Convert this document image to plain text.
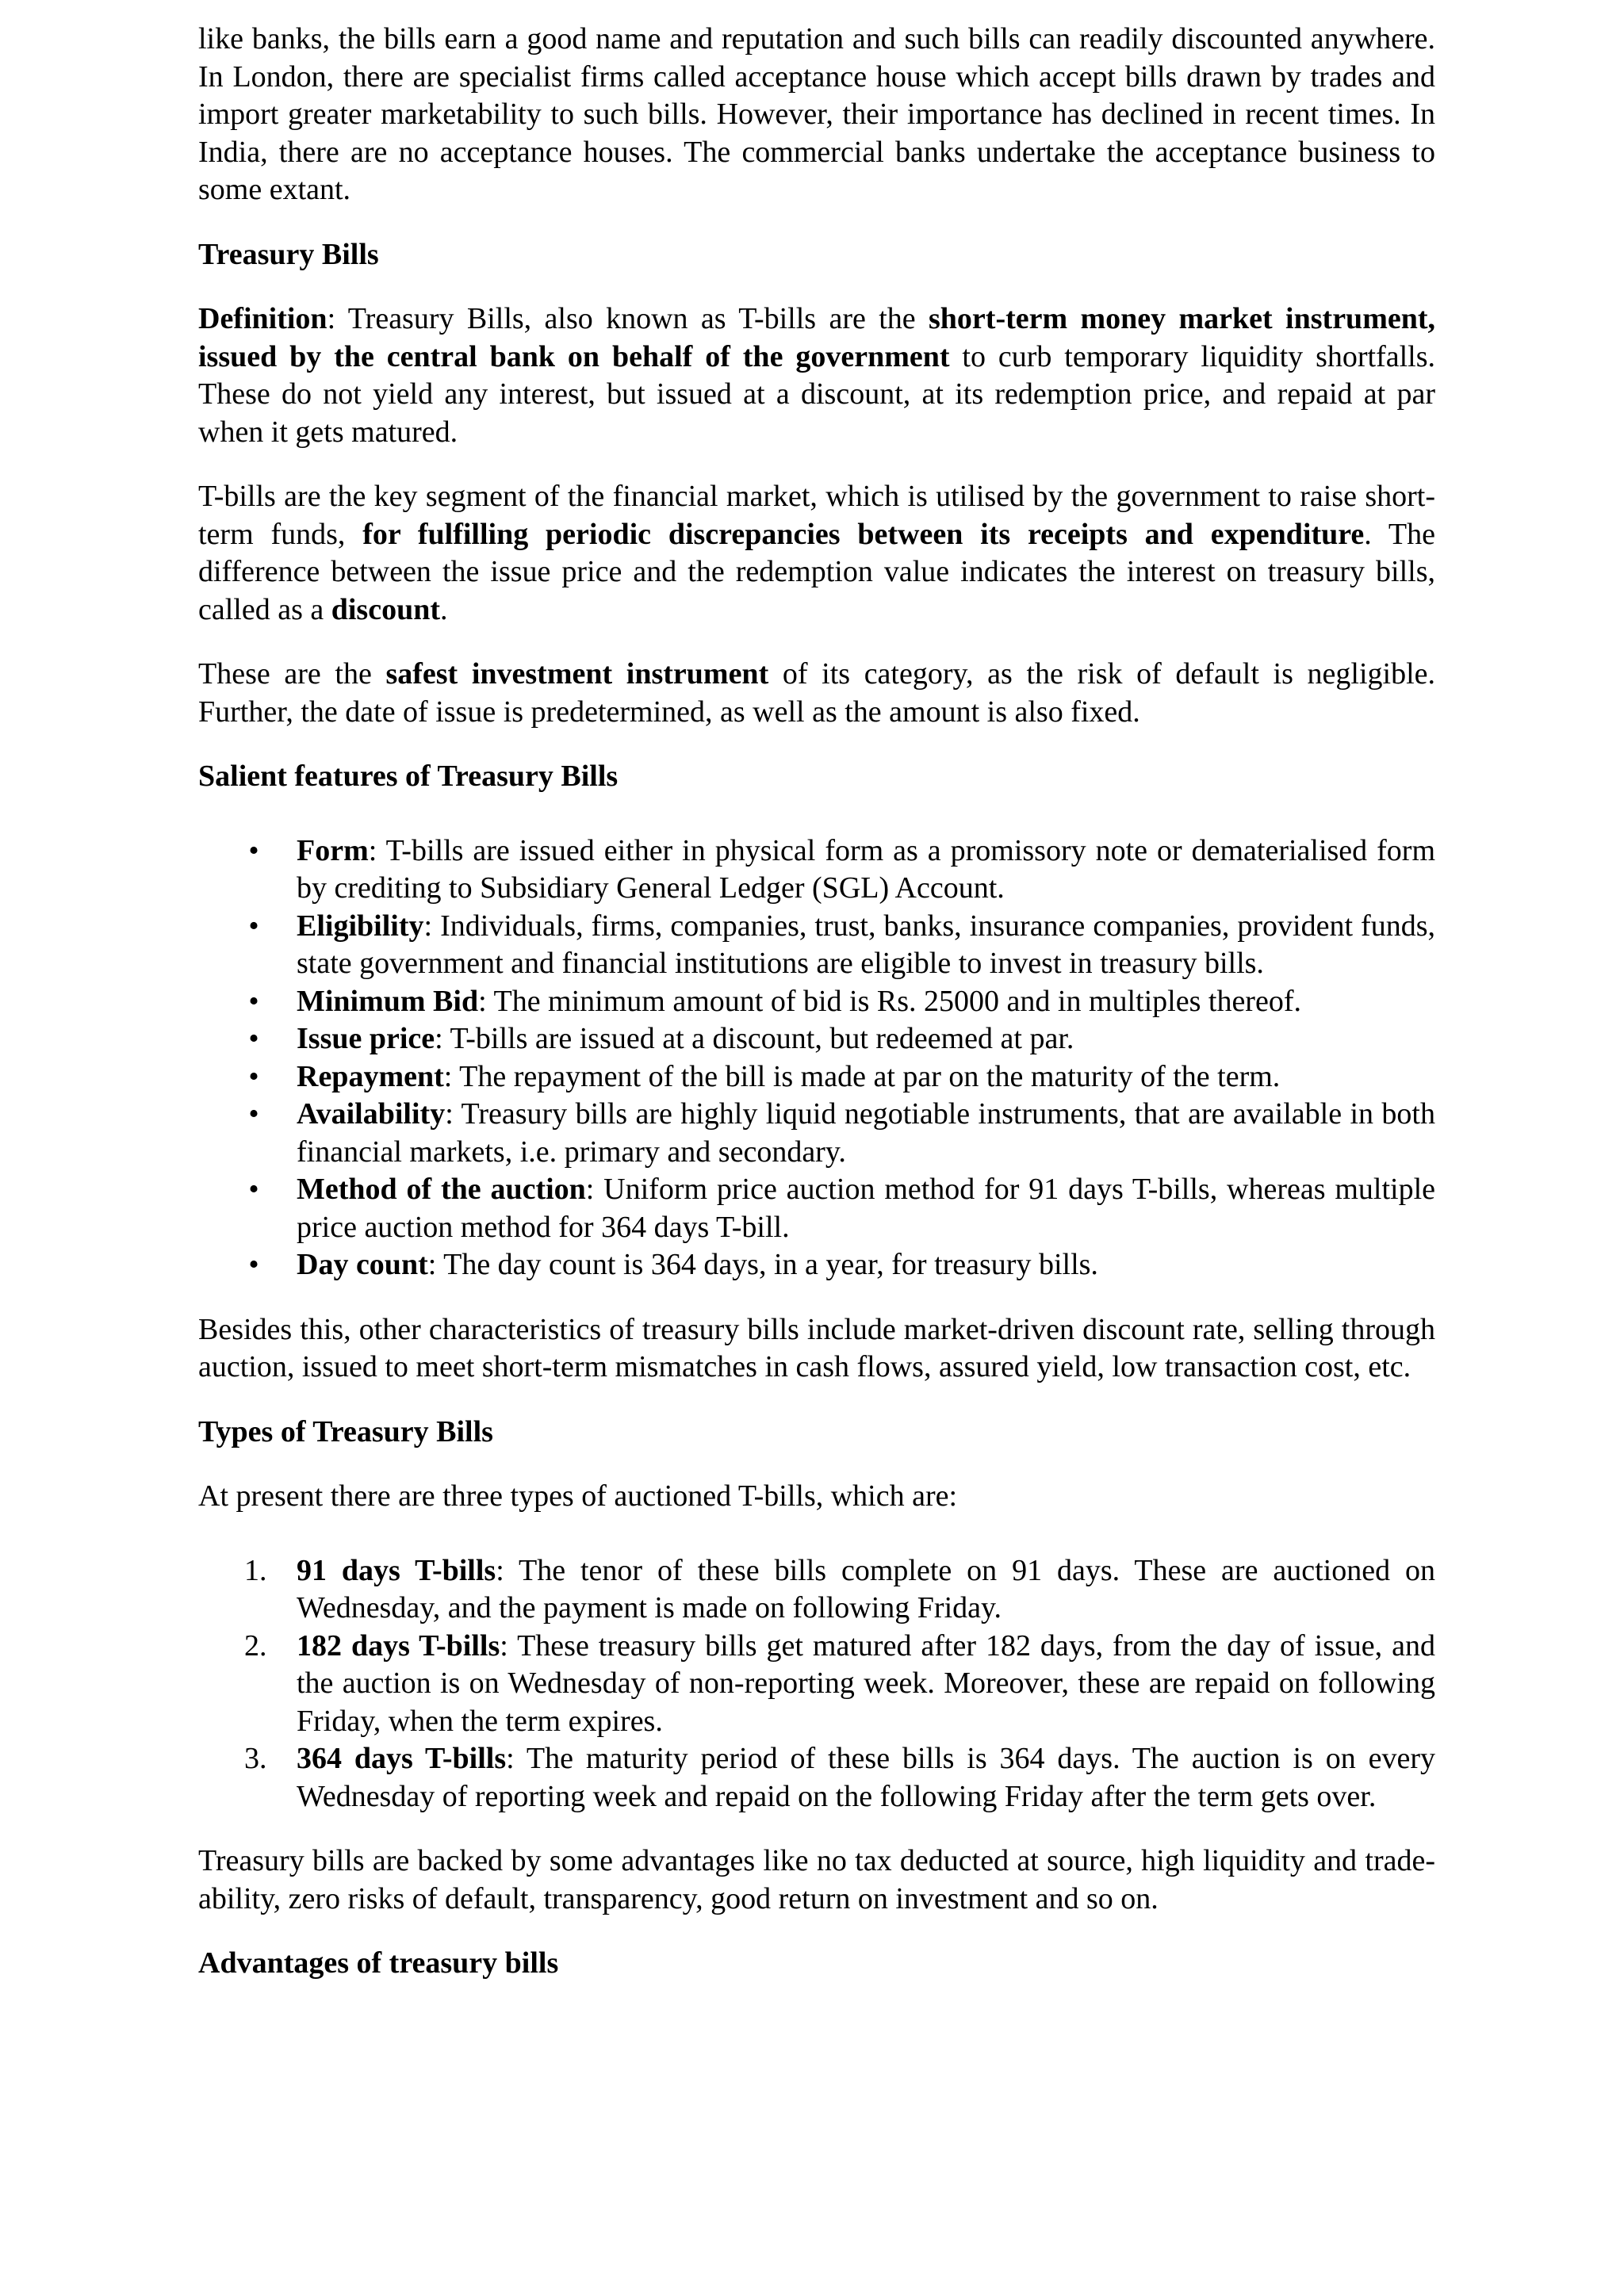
like banks, the bills earn a good name and reputation and such bills can readily discounted anywhere. In London, there are specialist firms called acceptance house which accept bills drawn by trades and import greater marketability to such bills. However, their importance has declined in recent times. In India, there are no acceptance houses. The commercial banks undertake the acceptance business to some extant.

Treasury Bills

Definition: Treasury Bills, also known as T-bills are the short-term money market instrument, issued by the central bank on behalf of the government to curb temporary liquidity shortfalls. These do not yield any interest, but issued at a discount, at its redemption price, and repaid at par when it gets matured.

T-bills are the key segment of the financial market, which is utilised by the government to raise short-term funds, for fulfilling periodic discrepancies between its receipts and expenditure. The difference between the issue price and the redemption value indicates the interest on treasury bills, called as a discount.

These are the safest investment instrument of its category, as the risk of default is negligible. Further, the date of issue is predetermined, as well as the amount is also fixed.

Salient features of Treasury Bills
• Form: T-bills are issued either in physical form as a promissory note or dematerialised form by crediting to Subsidiary General Ledger (SGL) Account.
• Eligibility: Individuals, firms, companies, trust, banks, insurance companies, provident funds, state government and financial institutions are eligible to invest in treasury bills.
• Minimum Bid: The minimum amount of bid is Rs. 25000 and in multiples thereof.
• Issue price: T-bills are issued at a discount, but redeemed at par.
• Repayment: The repayment of the bill is made at par on the maturity of the term.
• Availability: Treasury bills are highly liquid negotiable instruments, that are available in both financial markets, i.e. primary and secondary.
• Method of the auction: Uniform price auction method for 91 days T-bills, whereas multiple price auction method for 364 days T-bill.
• Day count: The day count is 364 days, in a year, for treasury bills.

Besides this, other characteristics of treasury bills include market-driven discount rate, selling through auction, issued to meet short-term mismatches in cash flows, assured yield, low transaction cost, etc.

Types of Treasury Bills

At present there are three types of auctioned T-bills, which are:

1. 91 days T-bills: The tenor of these bills complete on 91 days. These are auctioned on Wednesday, and the payment is made on following Friday.
2. 182 days T-bills: These treasury bills get matured after 182 days, from the day of issue, and the auction is on Wednesday of non-reporting week. Moreover, these are repaid on following Friday, when the term expires.
3. 364 days T-bills: The maturity period of these bills is 364 days. The auction is on every Wednesday of reporting week and repaid on the following Friday after the term gets over.

Treasury bills are backed by some advantages like no tax deducted at source, high liquidity and trade-ability, zero risks of default, transparency, good return on investment and so on.

Advantages of treasury bills
